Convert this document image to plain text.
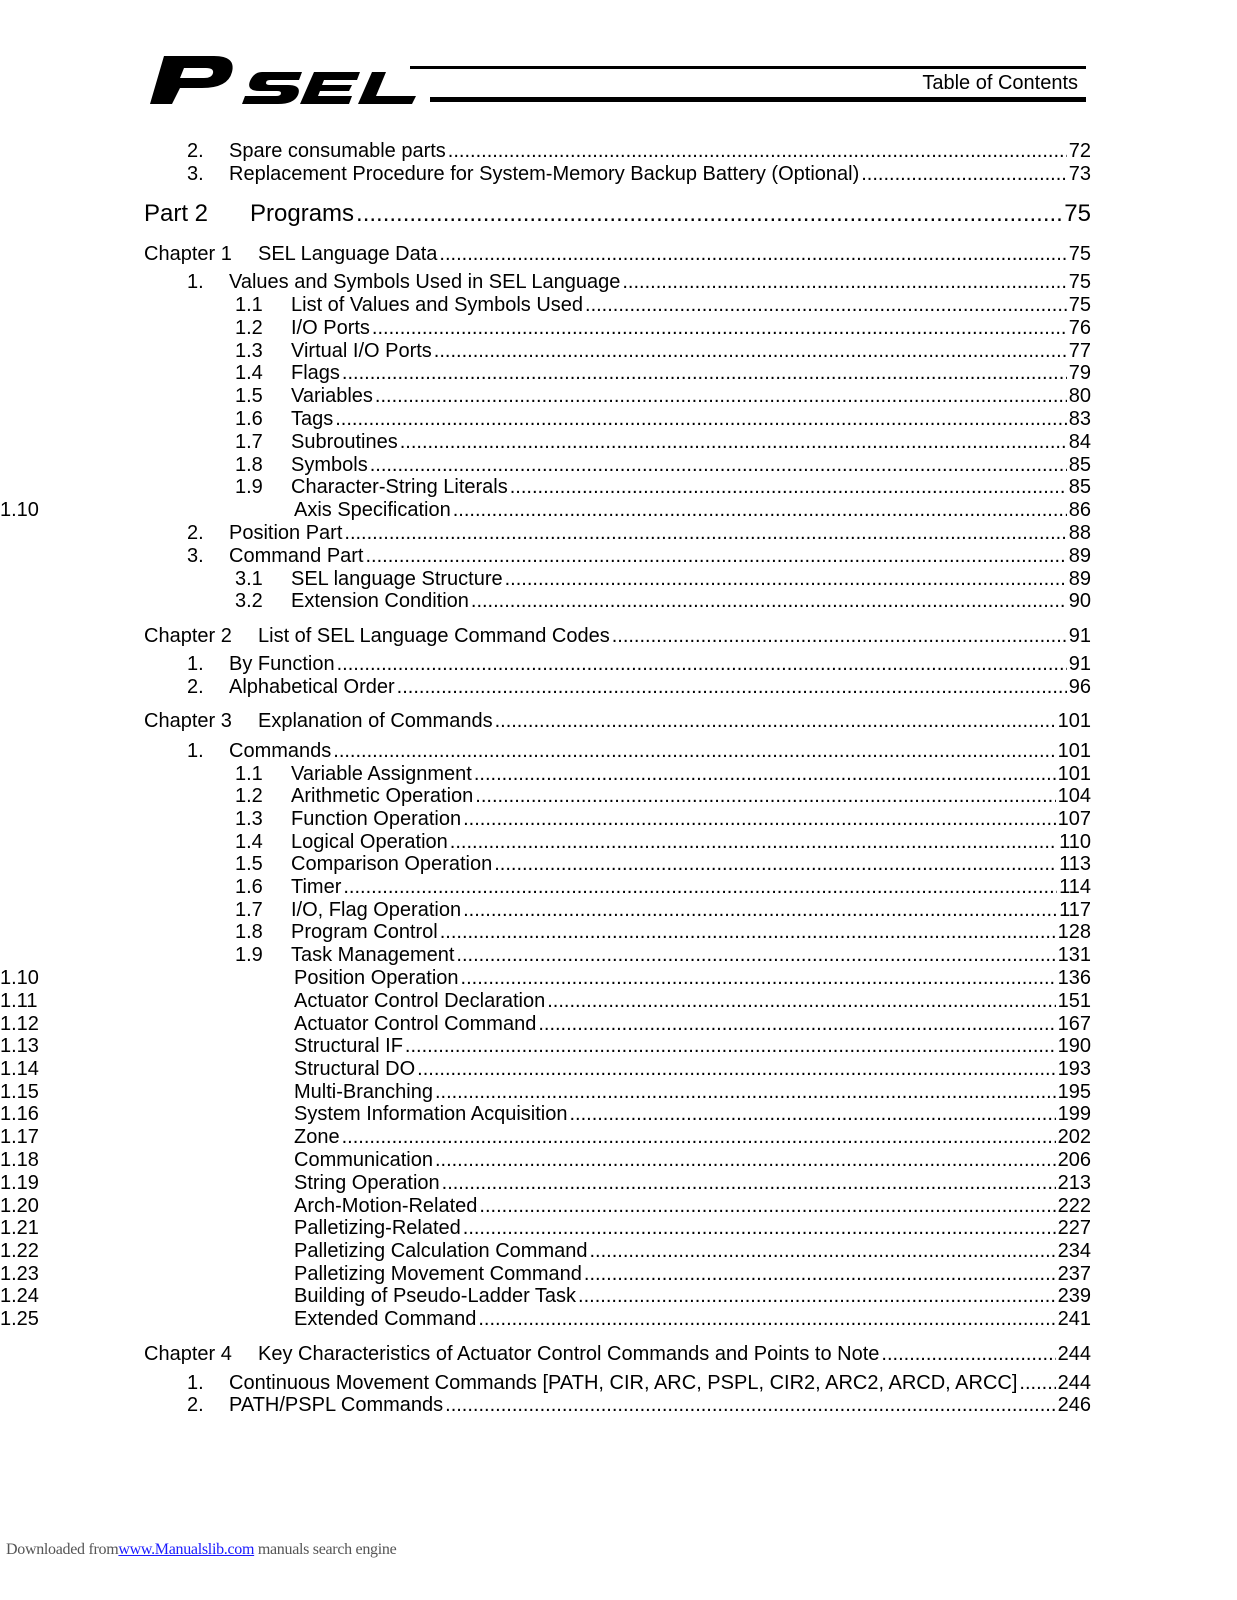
Table of Contents
2. Spare consumable parts .....	72
3. Replacement Procedure for System-Memory Backup Battery (Optional) .....	73
Part 2 Programs .....	75
Chapter 1 SEL Language Data .....	75
1. Values and Symbols Used in SEL Language .....	75
1.1 List of Values and Symbols Used .....	75
1.2 I/O Ports .....	76
1.3 Virtual I/O Ports .....	77
1.4 Flags .....	79
1.5 Variables .....	80
1.6 Tags .....	83
1.7 Subroutines .....	84
1.8 Symbols .....	85
1.9 Character-String Literals .....	85
1.10	Axis Specification .....	86
2. Position Part .....	88
3. Command Part .....	89
3.1 SEL language Structure .....	89
3.2 Extension Condition .....	90
Chapter 2 List of SEL Language Command Codes .....	91
1. By Function .....	91
2. Alphabetical Order .....	96
Chapter 3 Explanation of Commands .....	101
1. Commands .....	101
1.1 Variable Assignment .....	101
1.2 Arithmetic Operation .....	104
1.3 Function Operation .....	107
1.4 Logical Operation .....	110
1.5 Comparison Operation .....	113
1.6 Timer .....	114
1.7 I/O, Flag Operation .....	117
1.8 Program Control .....	128
1.9 Task Management .....	131
1.10	Position Operation .....	136
1.11	Actuator Control Declaration .....	151
1.12	Actuator Control Command .....	167
1.13	Structural IF .....	190
1.14	Structural DO .....	193
1.15	Multi-Branching .....	195
1.16	System Information Acquisition .....	199
1.17	Zone .....	202
1.18	Communication .....	206
1.19	String Operation .....	213
1.20	Arch-Motion-Related .....	222
1.21	Palletizing-Related .....	227
1.22	Palletizing Calculation Command .....	234
1.23	Palletizing Movement Command .....	237
1.24	Building of Pseudo-Ladder Task .....	239
1.25	Extended Command .....	241
Chapter 4 Key Characteristics of Actuator Control Commands and Points to Note .....	244
1. Continuous Movement Commands [PATH, CIR, ARC, PSPL, CIR2, ARC2, ARCD, ARCC] ..... 244
2. PATH/PSPL Commands .....	246
Downloaded fromwww.Manualslib.com manuals search engine
